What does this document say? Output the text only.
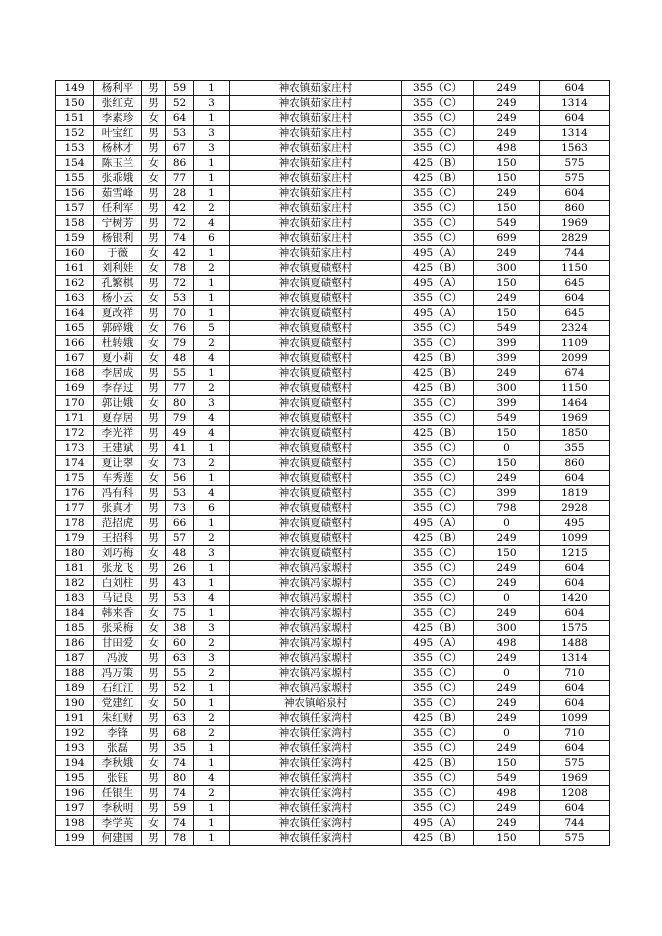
149	杨利平	男	59	1	神农镇茹家庄村	355（C）	249	604
150	张红克	男	52	3	神农镇茹家庄村	355（C）	249	1314
151	李素珍	女	64	1	神农镇茹家庄村	355（C）	249	604
152	叶宝红	男	53	3	神农镇茹家庄村	355（C）	249	1314
153	杨林才	男	67	3	神农镇茹家庄村	355（C）	498	1563
154	陈玉兰	女	86	1	神农镇茹家庄村	425（B）	150	575
155	张乖娥	女	77	1	神农镇茹家庄村	425（B）	150	575
156	茹雪峰	男	28	1	神农镇茹家庄村	355（C）	249	604
157	任利军	男	42	2	神农镇茹家庄村	355（C）	150	860
158	宁树芳	男	72	4	神农镇茹家庄村	355（C）	549	1969
159	杨银利	男	74	6	神农镇茹家庄村	355（C）	699	2829
160	于薇	女	42	1	神农镇茹家庄村	495（A）	249	744
161	刘利娃	女	78	2	神农镇夏碛壑村	425（B）	300	1150
162	孔繁棋	男	72	1	神农镇夏碛壑村	495（A）	150	645
163	杨小云	女	53	1	神农镇夏碛壑村	355（C）	249	604
164	夏改祥	男	70	1	神农镇夏碛壑村	495（A）	150	645
165	郭碎娥	女	76	5	神农镇夏碛壑村	355（C）	549	2324
166	杜转娥	女	79	2	神农镇夏碛壑村	355（C）	399	1109
167	夏小莉	女	48	4	神农镇夏碛壑村	425（B）	399	2099
168	李居成	男	55	1	神农镇夏碛壑村	425（B）	249	674
169	李存过	男	77	2	神农镇夏碛壑村	425（B）	300	1150
170	郭让娥	女	80	3	神农镇夏碛壑村	355（C）	399	1464
171	夏存居	男	79	4	神农镇夏碛壑村	355（C）	549	1969
172	李光祥	男	49	4	神农镇夏碛壑村	425（B）	150	1850
173	王建斌	男	41	1	神农镇夏碛壑村	355（C）	0	355
174	夏让翠	女	73	2	神农镇夏碛壑村	355（C）	150	860
175	车秀莲	女	56	1	神农镇夏碛壑村	355（C）	249	604
176	冯有科	男	53	4	神农镇夏碛壑村	355（C）	399	1819
177	张真才	男	73	6	神农镇夏碛壑村	355（C）	798	2928
178	范招虎	男	66	1	神农镇夏碛壑村	495（A）	0	495
179	王招科	男	57	2	神农镇夏碛壑村	425（B）	249	1099
180	刘巧梅	女	48	3	神农镇夏碛壑村	355（C）	150	1215
181	张龙飞	男	26	1	神农镇冯家塬村	355（C）	249	604
182	白刘柱	男	43	1	神农镇冯家塬村	355（C）	249	604
183	马记良	男	53	4	神农镇冯家塬村	355（C）	0	1420
184	韩来香	女	75	1	神农镇冯家塬村	355（C）	249	604
185	张采梅	女	38	3	神农镇冯家塬村	425（B）	300	1575
186	甘田爱	女	60	2	神农镇冯家塬村	495（A）	498	1488
187	冯波	男	63	3	神农镇冯家塬村	355（C）	249	1314
188	冯万策	男	55	2	神农镇冯家塬村	355（C）	0	710
189	石红江	男	52	1	神农镇冯家塬村	355（C）	249	604
190	党建红	女	50	1	神农镇峪泉村	355（C）	249	604
191	朱红财	男	63	2	神农镇任家湾村	425（B）	249	1099
192	李锋	男	68	2	神农镇任家湾村	355（C）	0	710
193	张磊	男	35	1	神农镇任家湾村	355（C）	249	604
194	李秋娥	女	74	1	神农镇任家湾村	425（B）	150	575
195	张钰	男	80	4	神农镇任家湾村	355（C）	549	1969
196	任银生	男	74	2	神农镇任家湾村	355（C）	498	1208
197	李秋明	男	59	1	神农镇任家湾村	355（C）	249	604
198	李学英	女	74	1	神农镇任家湾村	495（A）	249	744
199	何建国	男	78	1	神农镇任家湾村	425（B）	150	575
